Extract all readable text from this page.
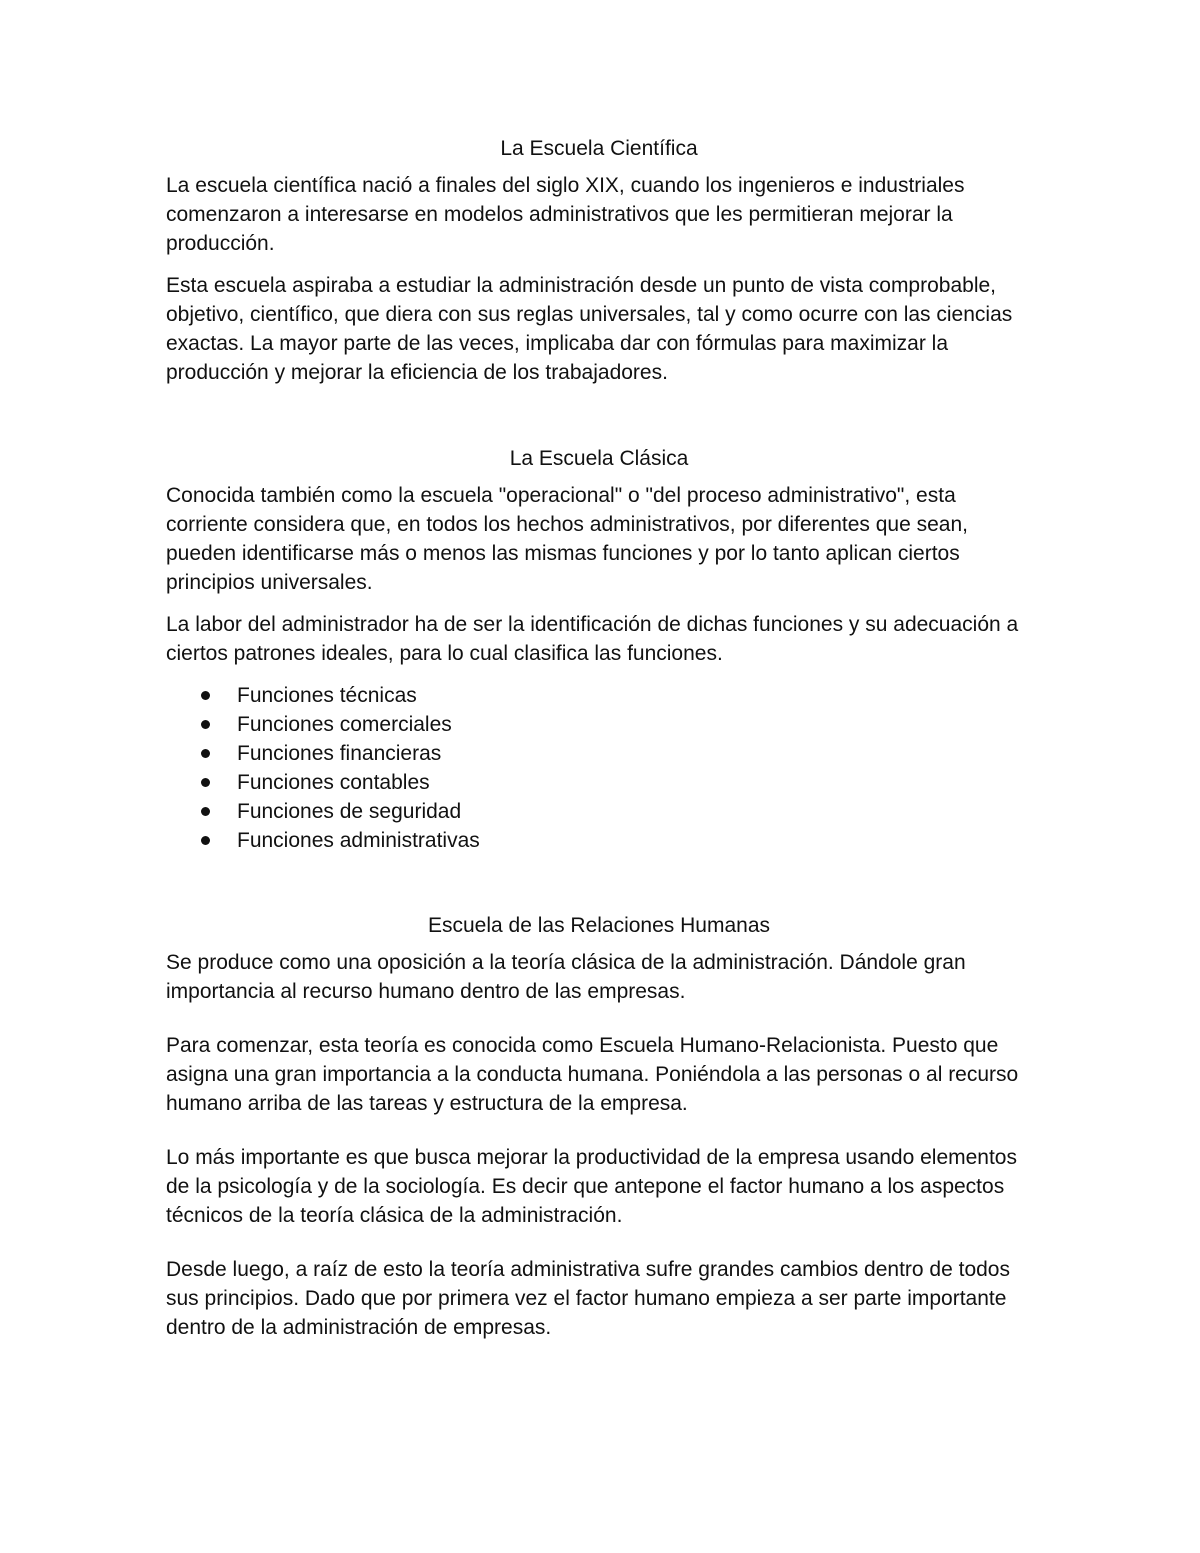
La Escuela Científica

La escuela científica nació a finales del siglo XIX, cuando los ingenieros e industriales comenzaron a interesarse en modelos administrativos que les permitieran mejorar la producción.

Esta escuela aspiraba a estudiar la administración desde un punto de vista comprobable, objetivo, científico, que diera con sus reglas universales, tal y como ocurre con las ciencias exactas. La mayor parte de las veces, implicaba dar con fórmulas para maximizar la producción y mejorar la eficiencia de los trabajadores.

La Escuela Clásica

Conocida también como la escuela "operacional" o "del proceso administrativo", esta corriente considera que, en todos los hechos administrativos, por diferentes que sean, pueden identificarse más o menos las mismas funciones y por lo tanto aplican ciertos principios universales.

La labor del administrador ha de ser la identificación de dichas funciones y su adecuación a ciertos patrones ideales, para lo cual clasifica las funciones.

Funciones técnicas
Funciones comerciales
Funciones financieras
Funciones contables
Funciones de seguridad
Funciones administrativas
Escuela de las Relaciones Humanas

Se produce como una oposición a la teoría clásica de la administración. Dándole gran importancia al recurso humano dentro de las empresas.

Para comenzar, esta teoría es conocida como Escuela Humano-Relacionista. Puesto que asigna una gran importancia a la conducta humana. Poniéndola a las personas o al recurso humano arriba de las tareas y estructura de la empresa.

Lo más importante es que busca mejorar la productividad de la empresa usando elementos de la psicología y de la sociología. Es decir que antepone el factor humano a los aspectos técnicos de la teoría clásica de la administración.

Desde luego, a raíz de esto la teoría administrativa sufre grandes cambios dentro de todos sus principios. Dado que por primera vez el factor humano empieza a ser parte importante dentro de la administración de empresas.
